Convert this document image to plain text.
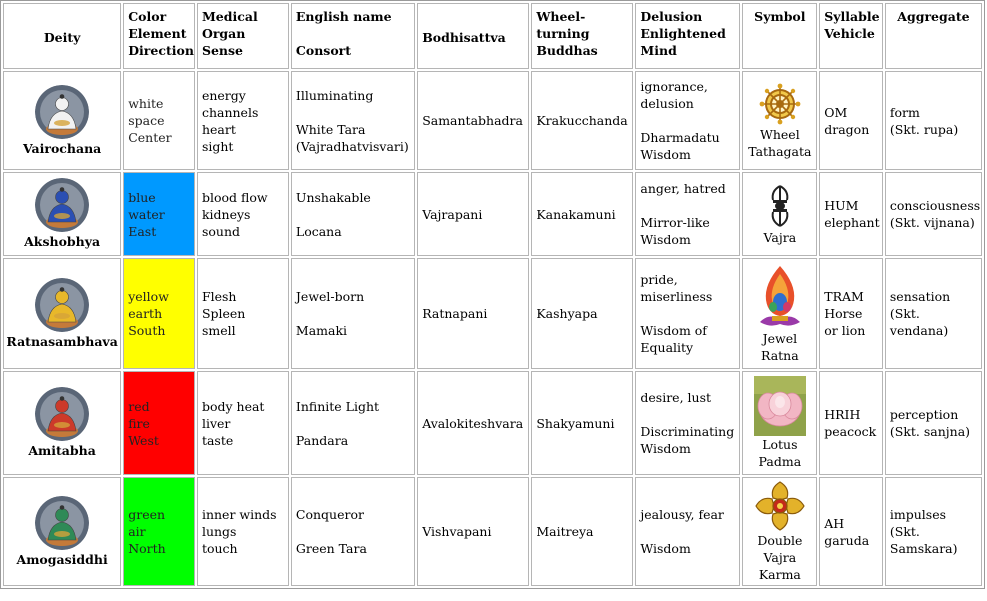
Deity	Color
Element
Direction	Medical
Organ
Sense	English name
Consort	Bodhisattva	Wheel-
turning
Buddhas	Delusion
Enlightened
Mind	Symbol	Syllable
Vehicle	Aggregate

Vairochana	white
space
Center	energy
channels
heart
sight	Illuminating
White Tara
(Vajradhatvisvari)	Samantabhadra	Krakucchanda	ignorance,
delusion
Dharmadatu
Wisdom	Wheel
Tathagata	OM
dragon	form
(Skt. rupa)

Akshobhya	blue
water
East	blood flow
kidneys
sound	Unshakable
Locana	Vajrapani	Kanakamuni	anger, hatred
Mirror-like
Wisdom	Vajra	HUM
elephant	consciousness
(Skt. vijnana)

Ratnasambhava	yellow
earth
South	Flesh
Spleen
smell	Jewel-born
Mamaki	Ratnapani	Kashyapa	pride,
miserliness
Wisdom of
Equality	Jewel
Ratna	TRAM
Horse
or lion	sensation
(Skt.
vendana)

Amitabha	red
fire
West	body heat
liver
taste	Infinite Light
Pandara	Avalokiteshvara	Shakyamuni	desire, lust
Discriminating
Wisdom	Lotus
Padma	HRIH
peacock	perception
(Skt. sanjna)

Amogasiddhi	green
air
North	inner winds
lungs
touch	Conqueror
Green Tara	Vishvapani	Maitreya	jealousy, fear
Wisdom	Double
Vajra
Karma	AH
garuda	impulses
(Skt.
Samskara)
